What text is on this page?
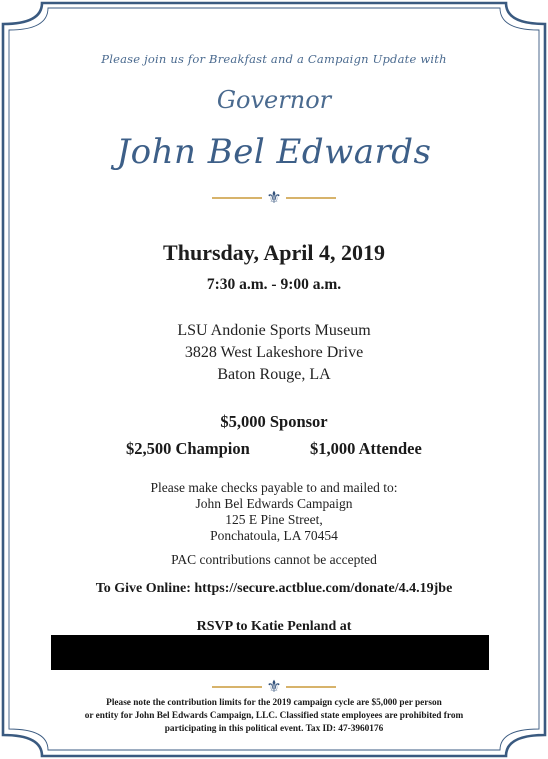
Please join us for Breakfast and a Campaign Update with
Governor
John Bel Edwards
⚜
Thursday, April 4, 2019
7:30 a.m. - 9:00 a.m.
LSU Andonie Sports Museum
3828 West Lakeshore Drive
Baton Rouge, LA
$5,000 Sponsor
$2,500 Champion	$1,000 Attendee
Please make checks payable to and mailed to:
John Bel Edwards Campaign
125 E Pine Street,
Ponchatoula, LA 70454
PAC contributions cannot be accepted
To Give Online: https://secure.actblue.com/donate/4.4.19jbe
RSVP to Katie Penland at
⚜
Please note the contribution limits for the 2019 campaign cycle are $5,000 per person
or entity for John Bel Edwards Campaign, LLC. Classified state employees are prohibited from
participating in this political event. Tax ID: 47-3960176
